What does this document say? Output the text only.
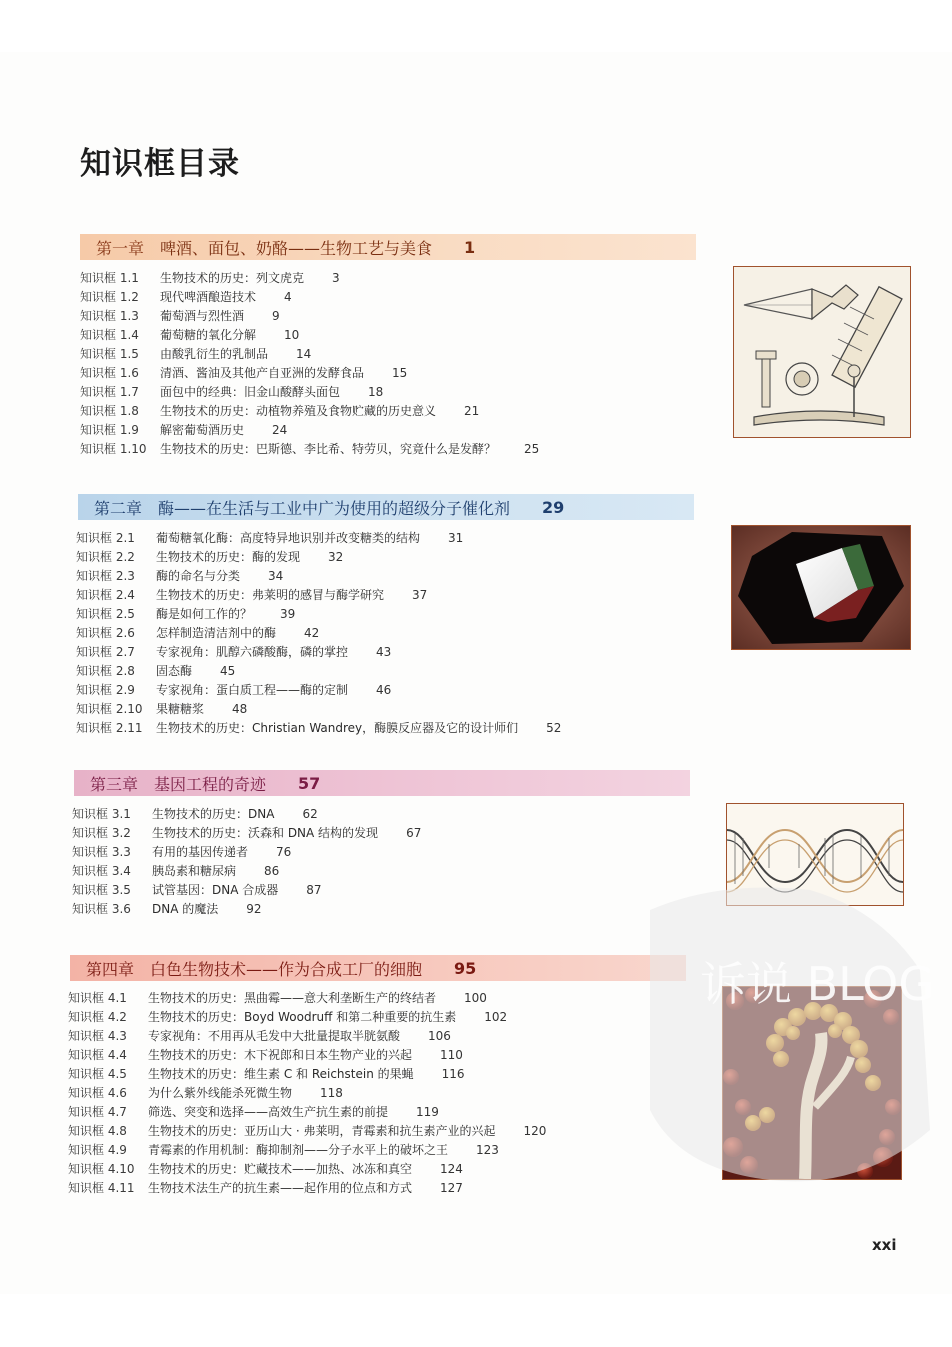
知识框目录
第一章 啤酒、面包、奶酪——生物工艺与美食 1
知识框 1.1	生物技术的历史：列文虎克 3
知识框 1.2	现代啤酒酿造技术 4
知识框 1.3	葡萄酒与烈性酒 9
知识框 1.4	葡萄糖的氧化分解 10
知识框 1.5	由酸乳衍生的乳制品 14
知识框 1.6	清酒、酱油及其他产自亚洲的发酵食品 15
知识框 1.7	面包中的经典：旧金山酸酵头面包 18
知识框 1.8	生物技术的历史：动植物养殖及食物贮藏的历史意义 21
知识框 1.9	解密葡萄酒历史 24
知识框 1.10	生物技术的历史：巴斯德、李比希、特劳贝，究竟什么是发酵？ 25
第二章 酶——在生活与工业中广为使用的超级分子催化剂 29
知识框 2.1	葡萄糖氧化酶：高度特异地识别并改变糖类的结构 31
知识框 2.2	生物技术的历史：酶的发现 32
知识框 2.3	酶的命名与分类 34
知识框 2.4	生物技术的历史：弗莱明的感冒与酶学研究 37
知识框 2.5	酶是如何工作的？ 39
知识框 2.6	怎样制造清洁剂中的酶 42
知识框 2.7	专家视角：肌醇六磷酸酶，磷的掌控 43
知识框 2.8	固态酶 45
知识框 2.9	专家视角：蛋白质工程——酶的定制 46
知识框 2.10	果糖糖浆 48
知识框 2.11	生物技术的历史：Christian Wandrey，酶膜反应器及它的设计师们 52
第三章 基因工程的奇迹 57
知识框 3.1	生物技术的历史：DNA 62
知识框 3.2	生物技术的历史：沃森和 DNA 结构的发现 67
知识框 3.3	有用的基因传递者 76
知识框 3.4	胰岛素和糖尿病 86
知识框 3.5	试管基因：DNA 合成器 87
知识框 3.6	DNA 的魔法 92
第四章 白色生物技术——作为合成工厂的细胞 95
知识框 4.1	生物技术的历史：黑曲霉——意大利垄断生产的终结者 100
知识框 4.2	生物技术的历史：Boyd Woodruff 和第二种重要的抗生素 102
知识框 4.3	专家视角：不用再从毛发中大批量提取半胱氨酸 106
知识框 4.4	生物技术的历史：木下祝郎和日本生物产业的兴起 110
知识框 4.5	生物技术的历史：维生素 C 和 Reichstein 的果蝇 116
知识框 4.6	为什么紫外线能杀死微生物 118
知识框 4.7	筛选、突变和选择——高效生产抗生素的前提 119
知识框 4.8	生物技术的历史：亚历山大 · 弗莱明，青霉素和抗生素产业的兴起 120
知识框 4.9	青霉素的作用机制：酶抑制剂——分子水平上的破坏之王 123
知识框 4.10	生物技术的历史：贮藏技术——加热、冰冻和真空 124
知识框 4.11	生物技术法生产的抗生素——起作用的位点和方式 127
诉说 BLOG
xxi
